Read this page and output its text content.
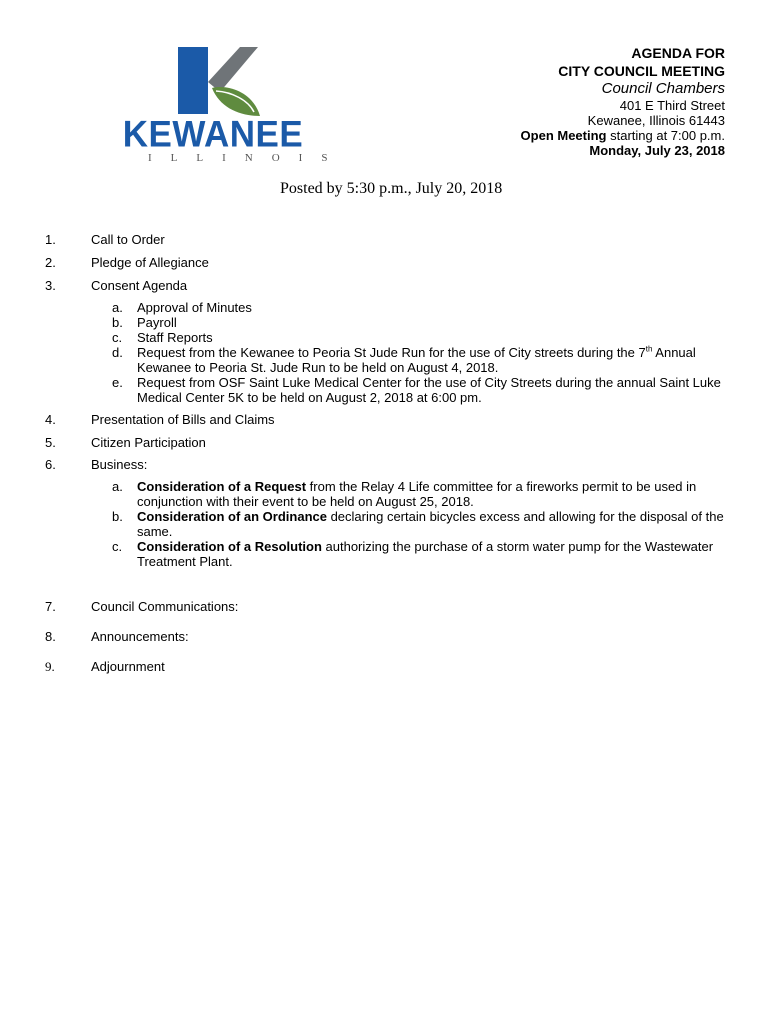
KEWANEE
ILLINOIS
AGENDA FOR
CITY COUNCIL MEETING
Council Chambers
401 E Third Street
Kewanee, Illinois 61443
Open Meeting starting at 7:00 p.m.
Monday, July 23, 2018
Posted by 5:30 p.m., July 20, 2018
1.	Call to Order
2.	Pledge of Allegiance
3.	Consent Agenda
a.	Approval of Minutes
b.	Payroll
c.	Staff Reports
d.	Request from the Kewanee to Peoria St Jude Run for the use of City streets during the 7th Annual Kewanee to Peoria St. Jude Run to be held on August 4, 2018.
e.	Request from OSF Saint Luke Medical Center for the use of City Streets during the annual Saint Luke Medical Center 5K to be held on August 2, 2018 at 6:00 pm.
4.	Presentation of Bills and Claims
5.	Citizen Participation
6.	Business:
a.	Consideration of a Request from the Relay 4 Life committee for a fireworks permit to be used in conjunction with their event to be held on August 25, 2018.
b.	Consideration of an Ordinance declaring certain bicycles excess and allowing for the disposal of the same.
c.	Consideration of a Resolution authorizing the purchase of a storm water pump for the Wastewater Treatment Plant.
7.	Council Communications:
8.	Announcements:
9.	Adjournment
